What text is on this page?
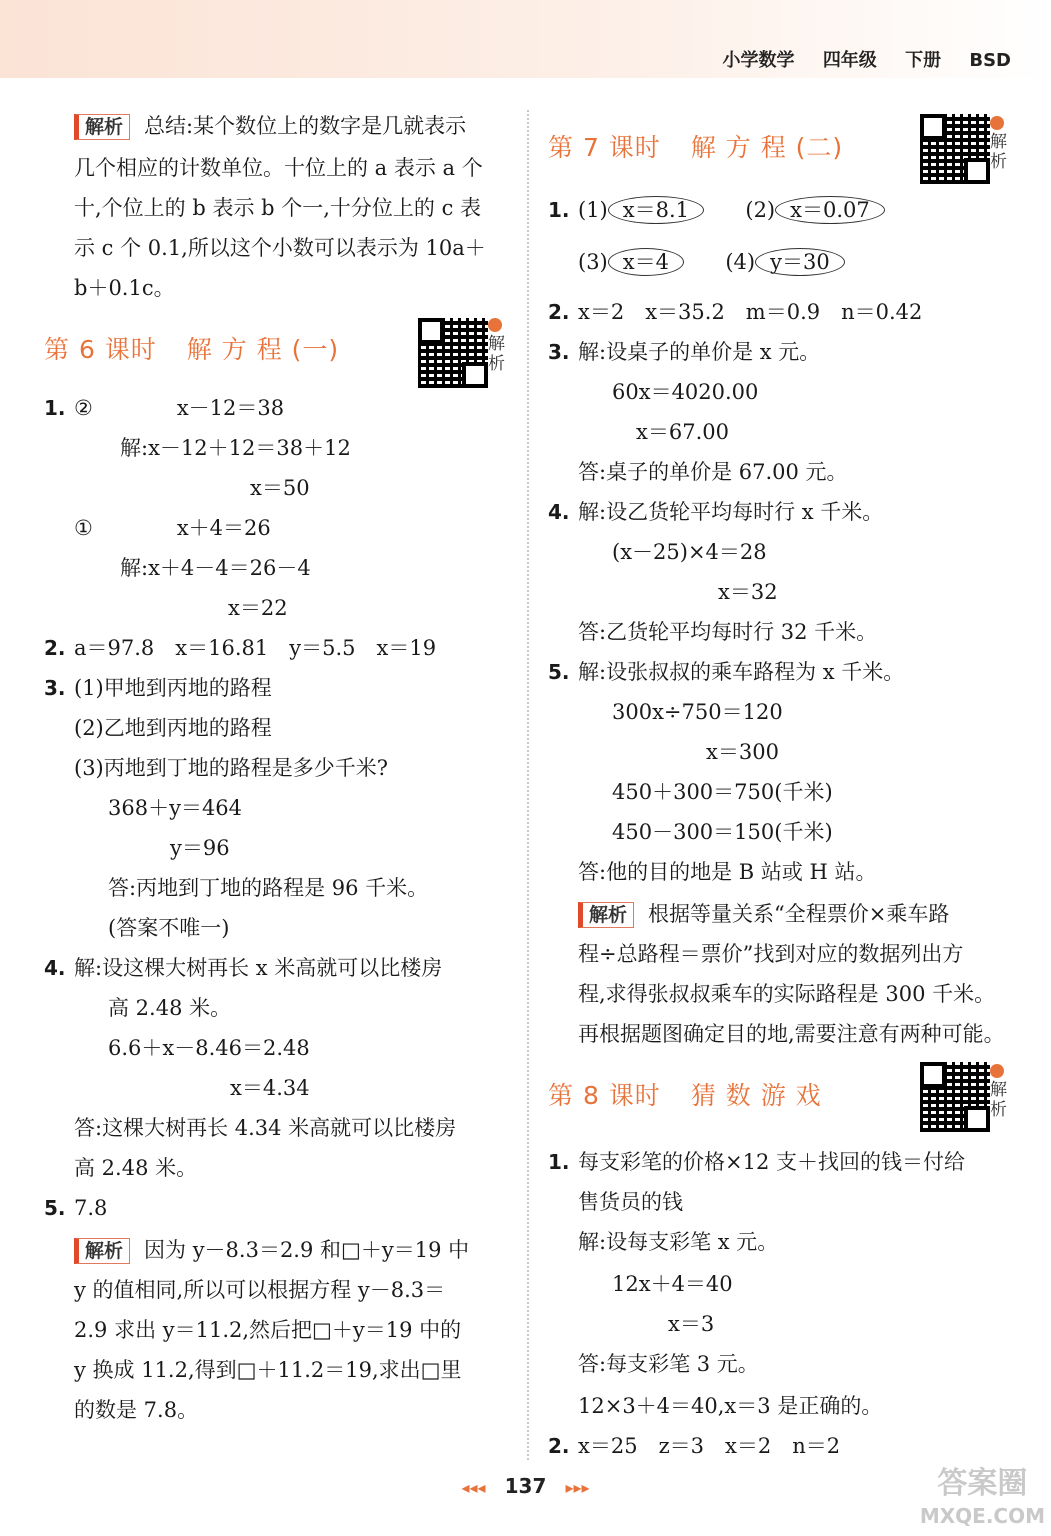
小学数学 四年级 下册 BSD
解析 总结:某个数位上的数字是几就表示
几个相应的计数单位。十位上的 a 表示 a 个
十,个位上的 b 表示 b 个一,十分位上的 c 表
示 c 个 0.1,所以这个小数可以表示为 10a＋
b＋0.1c。
第 6 课时 解 方 程 (一)	解析
1. ②　　　　x－12＝38
解:x－12＋12＝38＋12
x＝50
①　　　　x＋4＝26
解:x＋4－4＝26－4
x＝22
2. a＝97.8　x＝16.81　y＝5.5　x＝19
3. (1)甲地到丙地的路程
(2)乙地到丙地的路程
(3)丙地到丁地的路程是多少千米?
368＋y＝464
y＝96
答:丙地到丁地的路程是 96 千米。
(答案不唯一)
4. 解:设这棵大树再长 x 米高就可以比楼房
高 2.48 米。
6.6＋x－8.46＝2.48
x＝4.34
答:这棵大树再长 4.34 米高就可以比楼房
高 2.48 米。
5. 7.8
解析 因为 y－8.3＝2.9 和□＋y＝19 中
y 的值相同,所以可以根据方程 y－8.3＝
2.9 求出 y＝11.2,然后把□＋y＝19 中的
y 换成 11.2,得到□＋11.2＝19,求出□里
的数是 7.8。
第 7 课时 解 方 程 (二)	解析
1. (1) x＝8.1	(2) x＝0.07
(3) x＝4	(4) y＝30
2. x＝2　x＝35.2　m＝0.9　n＝0.42
3. 解:设桌子的单价是 x 元。
60x＝4020.00
x＝67.00
答:桌子的单价是 67.00 元。
4. 解:设乙货轮平均每时行 x 千米。
(x－25)×4＝28
x＝32
答:乙货轮平均每时行 32 千米。
5. 解:设张叔叔的乘车路程为 x 千米。
300x÷750＝120
x＝300
450＋300＝750(千米)
450－300＝150(千米)
答:他的目的地是 B 站或 H 站。
解析 根据等量关系“全程票价×乘车路
程÷总路程＝票价”找到对应的数据列出方
程,求得张叔叔乘车的实际路程是 300 千米。
再根据题图确定目的地,需要注意有两种可能。
第 8 课时 猜 数 游 戏	解析
1. 每支彩笔的价格×12 支＋找回的钱＝付给
售货员的钱
解:设每支彩笔 x 元。
12x＋4＝40
x＝3
答:每支彩笔 3 元。
12×3＋4＝40,x＝3 是正确的。
2. x＝25　z＝3　x＝2　n＝2
◂◂◂ 137 ▸▸▸	答案圈
MXQE.COM
